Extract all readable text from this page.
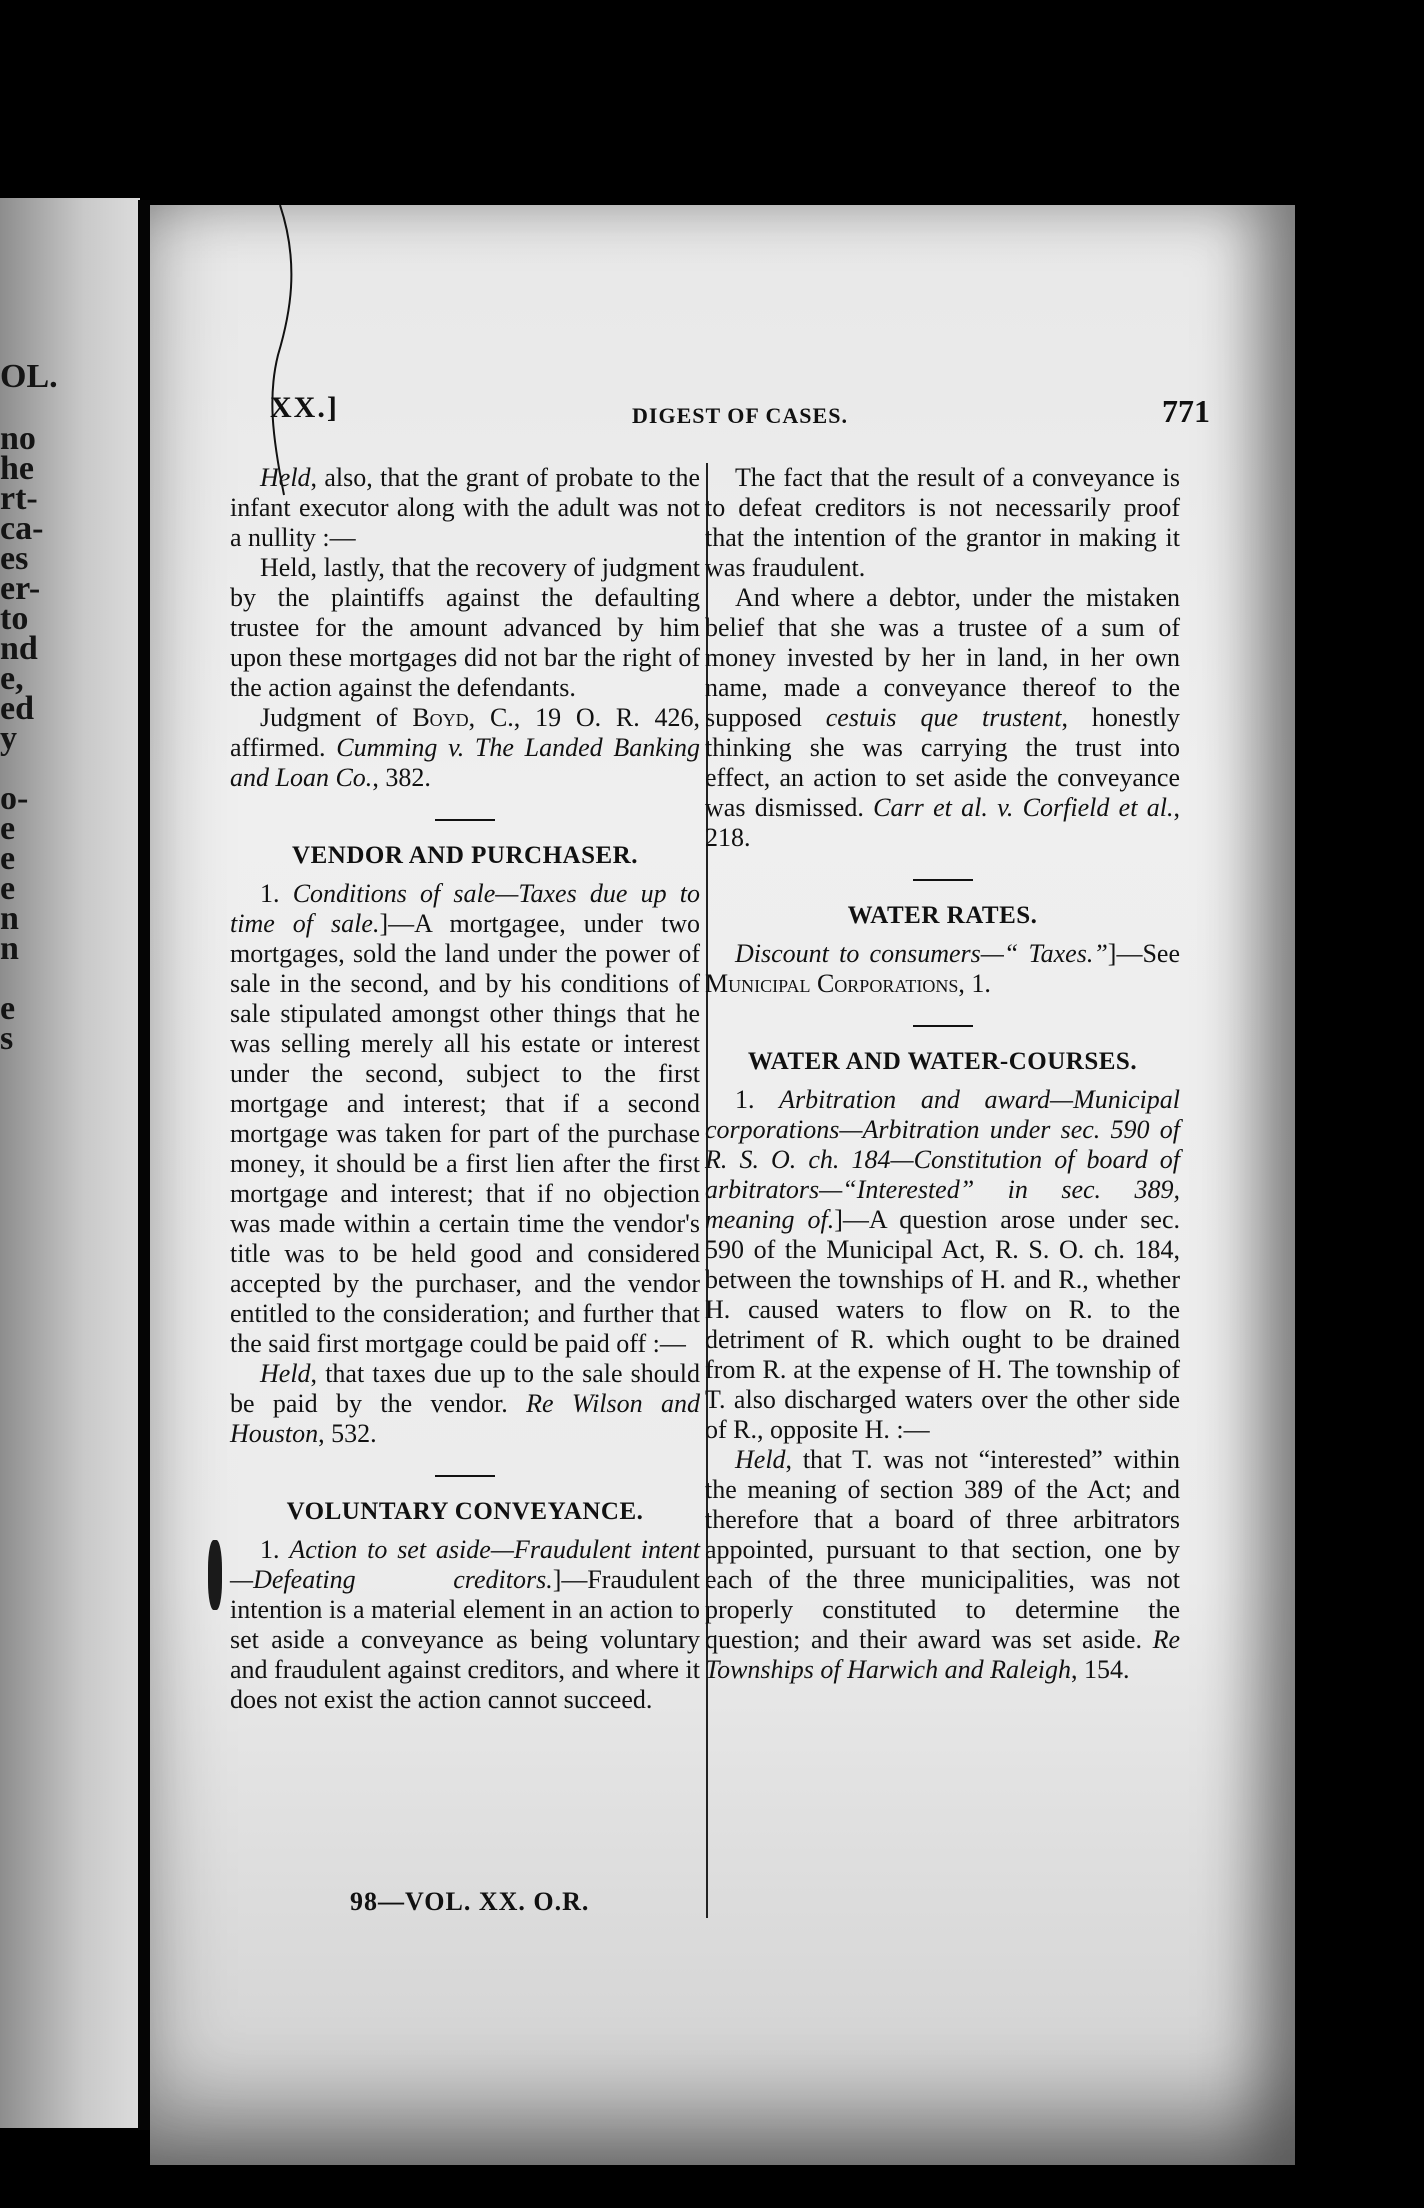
OL.
no
he
rt-
ca-
es
er-
to
nd
e,
ed
y
o-
e
e
e
n
n
e
s
XX.]	DIGEST OF CASES.	771

Held, also, that the grant of probate to the infant executor along with the adult was not a nullity :—

Held, lastly, that the recovery of judgment by the plaintiffs against the defaulting trustee for the amount advanced by him upon these mortgages did not bar the right of the action against the defendants.

Judgment of Boyd, C., 19 O. R. 426, affirmed. Cumming v. The Landed Banking and Loan Co., 382.

VENDOR AND PURCHASER.

1. Conditions of sale—Taxes due up to time of sale.]—A mortgagee, under two mortgages, sold the land under the power of sale in the second, and by his conditions of sale stipulated amongst other things that he was selling merely all his estate or interest under the second, subject to the first mortgage and interest; that if a second mortgage was taken for part of the purchase money, it should be a first lien after the first mortgage and interest; that if no objection was made within a certain time the vendor's title was to be held good and considered accepted by the purchaser, and the vendor entitled to the consideration; and further that the said first mortgage could be paid off :—

Held, that taxes due up to the sale should be paid by the vendor. Re Wilson and Houston, 532.

VOLUNTARY CONVEYANCE.

1. Action to set aside—Fraudulent intent—Defeating creditors.]—Fraudulent intention is a material element in an action to set aside a conveyance as being voluntary and fraudulent against creditors, and where it does not exist the action cannot succeed.

The fact that the result of a conveyance is to defeat creditors is not necessarily proof that the intention of the grantor in making it was fraudulent.

And where a debtor, under the mistaken belief that she was a trustee of a sum of money invested by her in land, in her own name, made a conveyance thereof to the supposed cestuis que trustent, honestly thinking she was carrying the trust into effect, an action to set aside the conveyance was dismissed. Carr et al. v. Corfield et al., 218.

WATER RATES.

Discount to consumers—“ Taxes.”]—See Municipal Corporations, 1.

WATER AND WATER-COURSES.

1. Arbitration and award—Municipal corporations—Arbitration under sec. 590 of R. S. O. ch. 184—Constitution of board of arbitrators—“Interested” in sec. 389, meaning of.]—A question arose under sec. 590 of the Municipal Act, R. S. O. ch. 184, between the townships of H. and R., whether H. caused waters to flow on R. to the detriment of R. which ought to be drained from R. at the expense of H. The township of T. also discharged waters over the other side of R., opposite H. :—

Held, that T. was not “interested” within the meaning of section 389 of the Act; and therefore that a board of three arbitrators appointed, pursuant to that section, one by each of the three municipalities, was not properly constituted to determine the question; and their award was set aside. Re Townships of Harwich and Raleigh, 154.

98—VOL. XX. O.R.
